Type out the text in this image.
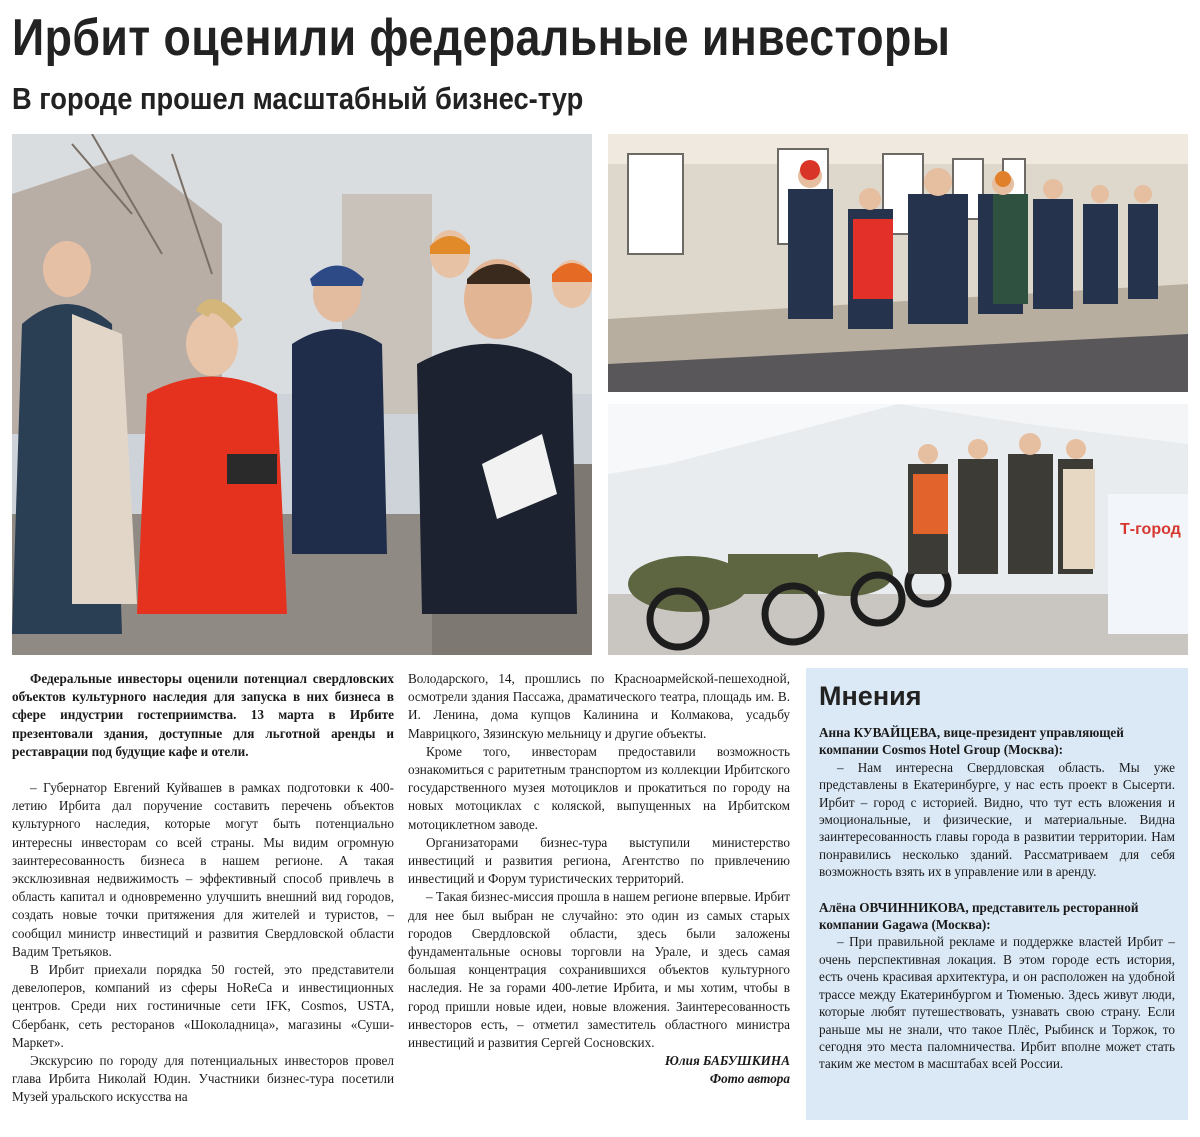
Ирбит оценили федеральные инвесторы
В городе прошел масштабный бизнес-тур
Т-город

Федеральные инвесторы оценили потенциал свердловских объектов культурного наследия для запуска в них бизнеса в сфере индустрии гостеприимства. 13 марта в Ирбите презентовали здания, доступные для льготной аренды и реставрации под будущие кафе и отели.

– Губернатор Евгений Куйвашев в рамках подготовки к 400-летию Ирбита дал поручение составить перечень объектов культурного наследия, которые могут быть потенциально интересны инвесторам со всей страны. Мы видим огромную заинтересованность бизнеса в нашем регионе. А такая эксклюзивная недвижимость – эффективный способ привлечь в область капитал и одновременно улучшить внешний вид городов, создать новые точки притяжения для жителей и туристов, – сообщил министр инвестиций и развития Свердловской области Вадим Третьяков.

В Ирбит приехали порядка 50 гостей, это представители девелоперов, компаний из сферы HoReCa и инвестиционных центров. Среди них гостиничные сети IFK, Cosmos, USTA, Сбербанк, сеть ресторанов «Шоколадница», магазины «Суши-Маркет».

Экскурсию по городу для потенциальных инвесторов провел глава Ирбита Николай Юдин. Участники бизнес-тура посетили Музей уральского искусства на

Володарского, 14, прошлись по Красноармейской-пешеходной, осмотрели здания Пассажа, драматического театра, площадь им. В. И. Ленина, дома купцов Калинина и Колмакова, усадьбу Маврицкого, Зязинскую мельницу и другие объекты.

Кроме того, инвесторам предоставили возможность ознакомиться с раритетным транспортом из коллекции Ирбитского государственного музея мотоциклов и прокатиться по городу на новых мотоциклах с коляской, выпущенных на Ирбитском мотоциклетном заводе.

Организаторами бизнес-тура выступили министерство инвестиций и развития региона, Агентство по привлечению инвестиций и Форум туристических территорий.

– Такая бизнес-миссия прошла в нашем регионе впервые. Ирбит для нее был выбран не случайно: это один из самых старых городов Свердловской области, здесь были заложены фундаментальные основы торговли на Урале, и здесь самая большая концентрация сохранившихся объектов культурного наследия. Не за горами 400-летие Ирбита, и мы хотим, чтобы в город пришли новые идеи, новые вложения. Заинтересованность инвесторов есть, – отметил заместитель областного министра инвестиций и развития Сергей Сосновских.

Юлия БАБУШКИНА

Фото автора

Мнения
Анна КУВАЙЦЕВА, вице-президент управляющей компании Cosmos Hotel Group (Москва):
– Нам интересна Свердловская область. Мы уже представлены в Екатеринбурге, у нас есть проект в Сысерти. Ирбит – город с историей. Видно, что тут есть вложения и эмоциональные, и физические, и материальные. Видна заинтересованность главы города в развитии территории. Нам понравились несколько зданий. Рассматриваем для себя возможность взять их в управление или в аренду.
Алёна ОВЧИННИКОВА, представитель ресторанной компании Gagawa (Москва):
– При правильной рекламе и поддержке властей Ирбит – очень перспективная локация. В этом городе есть история, есть очень красивая архитектура, и он расположен на удобной трассе между Екатеринбургом и Тюменью. Здесь живут люди, которые любят путешествовать, узнавать свою страну. Если раньше мы не знали, что такое Плёс, Рыбинск и Торжок, то сегодня это места паломничества. Ирбит вполне может стать таким же местом в масштабах всей России.
